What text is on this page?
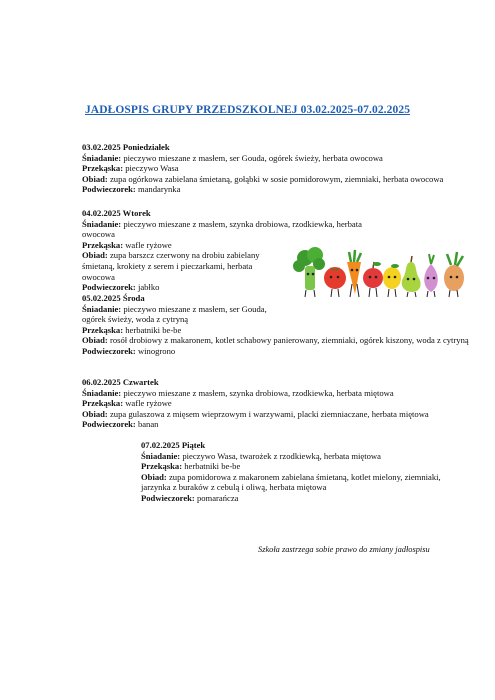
JADŁOSPIS GRUPY PRZEDSZKOLNEJ 03.02.2025-07.02.2025
03.02.2025 Poniedziałek
Śniadanie: pieczywo mieszane z masłem, ser Gouda, ogórek świeży, herbata owocowa
Przekąska: pieczywo Wasa
Obiad: zupa ogórkowa zabielana śmietaną, gołąbki w sosie pomidorowym, ziemniaki, herbata owocowa
Podwieczorek: mandarynka
04.02.2025 Wtorek
Śniadanie: pieczywo mieszane z masłem, szynka drobiowa, rzodkiewka, herbata owocowa
Przekąska: wafle ryżowe
Obiad: zupa barszcz czerwony na drobiu zabielany śmietaną, krokiety z serem i pieczarkami, herbata owocowa
Podwieczorek: jabłko
05.02.2025 Środa
Śniadanie: pieczywo mieszane z masłem, ser Gouda, ogórek świeży, woda z cytryną
Przekąska: herbatniki be-be
Obiad: rosół drobiowy z makaronem, kotlet schabowy panierowany, ziemniaki, ogórek kiszony, woda z cytryną
Podwieczorek: winogrono
06.02.2025 Czwartek
Śniadanie: pieczywo mieszane z masłem, szynka drobiowa, rzodkiewka, herbata miętowa
Przekąska: wafle ryżowe
Obiad: zupa gulaszowa z mięsem wieprzowym i warzywami, placki ziemniaczane, herbata miętowa
Podwieczorek: banan
07.02.2025 Piątek
Śniadanie: pieczywo Wasa, twarożek z rzodkiewką, herbata miętowa
Przekąska: herbatniki be-be
Obiad: zupa pomidorowa z makaronem zabielana śmietaną, kotlet mielony, ziemniaki, jarzynka z buraków z cebulą i oliwą, herbata miętowa
Podwieczorek: pomarańcza
Szkoła zastrzega sobie prawo do zmiany jadłospisu
